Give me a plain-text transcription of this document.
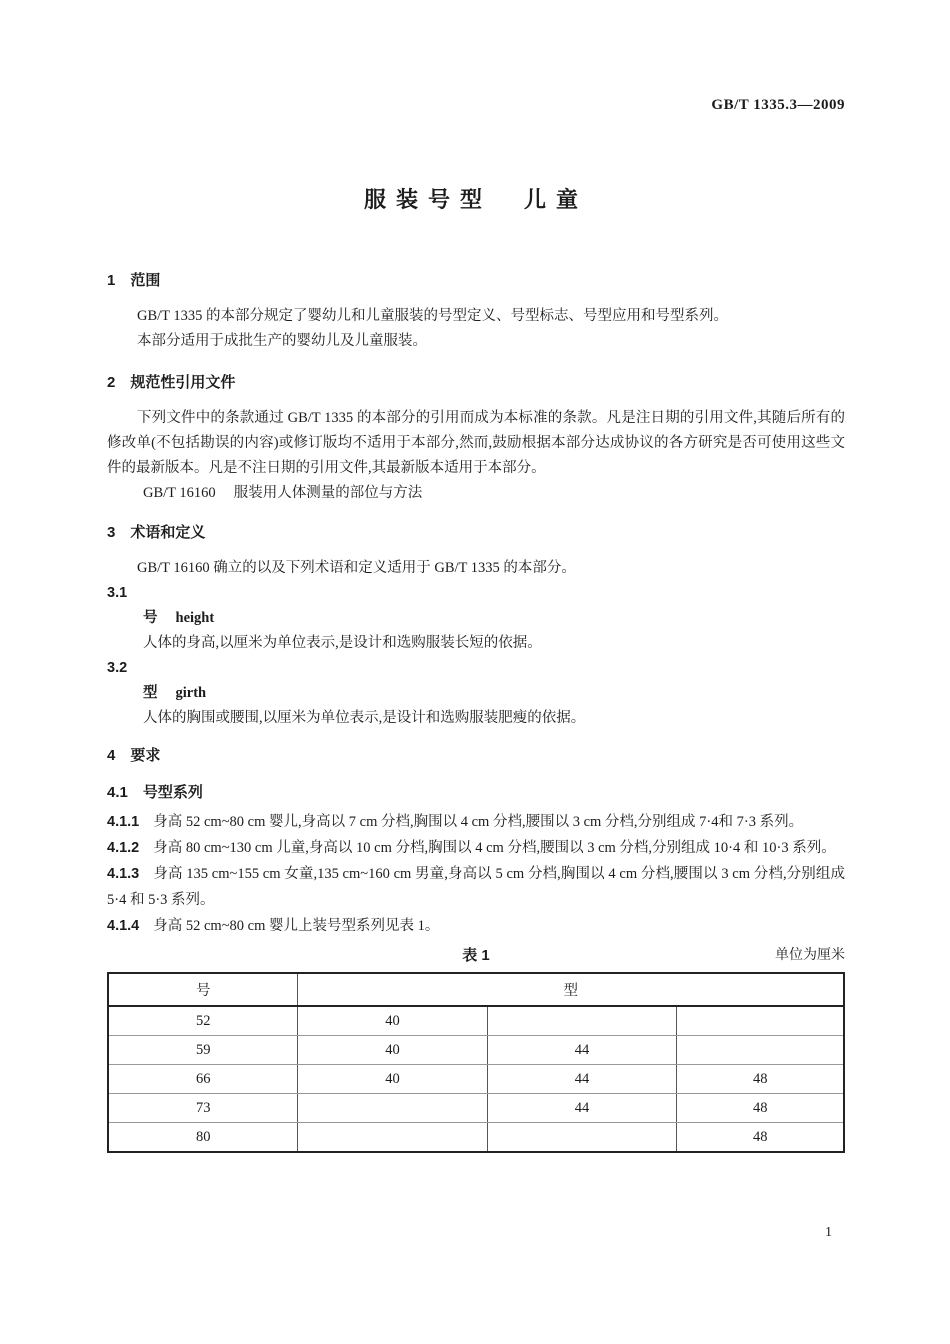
GB/T 1335.3—2009
服装号型　儿童
1　范围

GB/T 1335 的本部分规定了婴幼儿和儿童服装的号型定义、号型标志、号型应用和号型系列。

本部分适用于成批生产的婴幼儿及儿童服装。

2　规范性引用文件

下列文件中的条款通过 GB/T 1335 的本部分的引用而成为本标准的条款。凡是注日期的引用文件,其随后所有的修改单(不包括勘误的内容)或修订版均不适用于本部分,然而,鼓励根据本部分达成协议的各方研究是否可使用这些文件的最新版本。凡是不注日期的引用文件,其最新版本适用于本部分。

GB/T 16160　 服装用人体测量的部位与方法

3　术语和定义

GB/T 16160 确立的以及下列术语和定义适用于 GB/T 1335 的本部分。

3.1
号 height

人体的身高,以厘米为单位表示,是设计和选购服装长短的依据。

3.2
型 girth

人体的胸围或腰围,以厘米为单位表示,是设计和选购服装肥瘦的依据。

4　要求
4.1　号型系列

4.1.1 身高 52 cm~80 cm 婴儿,身高以 7 cm 分档,胸围以 4 cm 分档,腰围以 3 cm 分档,分别组成 7·4和 7·3 系列。

4.1.2 身高 80 cm~130 cm 儿童,身高以 10 cm 分档,胸围以 4 cm 分档,腰围以 3 cm 分档,分别组成 10·4 和 10·3 系列。

4.1.3 身高 135 cm~155 cm 女童,135 cm~160 cm 男童,身高以 5 cm 分档,胸围以 4 cm 分档,腰围以 3 cm 分档,分别组成 5·4 和 5·3 系列。

4.1.4 身高 52 cm~80 cm 婴儿上装号型系列见表 1。

表 1	单位为厘米
号	型		
52	40		
59	40	44	
66	40	44	48
73		44	48
80			48
1
